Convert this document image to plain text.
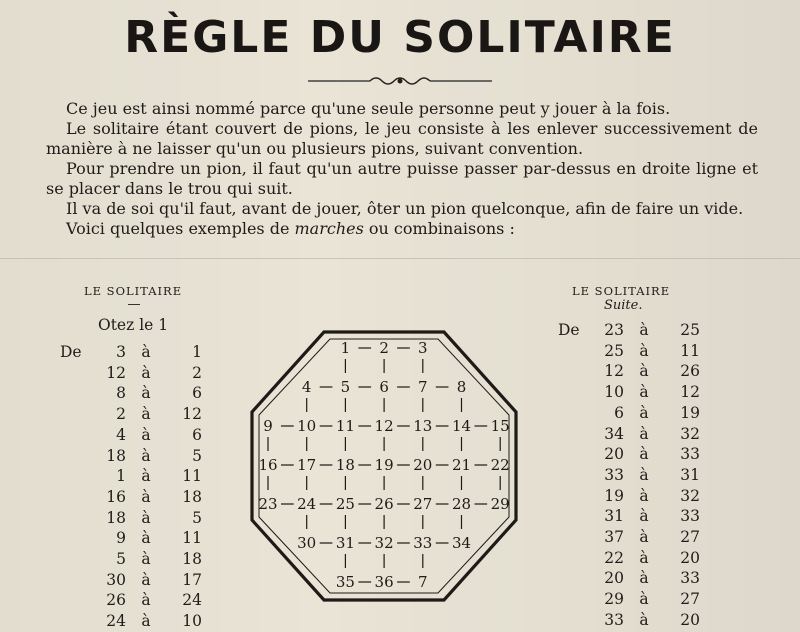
RÈGLE DU SOLITAIRE

Ce jeu est ainsi nommé parce qu'une seule personne peut y jouer à la fois.

Le solitaire étant couvert de pions, le jeu consiste à les enlever successivement de manière à ne laisser qu'un ou plusieurs pions, suivant convention.

Pour prendre un pion, il faut qu'un autre puisse passer par-dessus en droite ligne et se placer dans le trou qui suit.

Il va de soi qu'il faut, avant de jouer, ôter un pion quelconque, afin de faire un vide.

Voici quelques exemples de marches ou combinaisons :

LE SOLITAIRE
Otez le 1
De	3	à	1
	12	à	2
	8	à	6
	2	à	12
	4	à	6
	18	à	5
	1	à	11
	16	à	18
	18	à	5
	9	à	11
	5	à	18
	30	à	17
	26	à	24
	24	à	10
LE SOLITAIRE
Suite.
De	23	à	25
	25	à	11
	12	à	26
	10	à	12
	6	à	19
	34	à	32
	20	à	33
	33	à	31
	19	à	32
	31	à	33
	37	à	27
	22	à	20
	20	à	33
	29	à	27
	33	à	20
1 2 3
4 5 6 7 8
9 10 11 12 13 14 15
16 17 18 19 20 21 22
23 24 25 26 27 28 29
30 31 32 33 34
35 36 7
